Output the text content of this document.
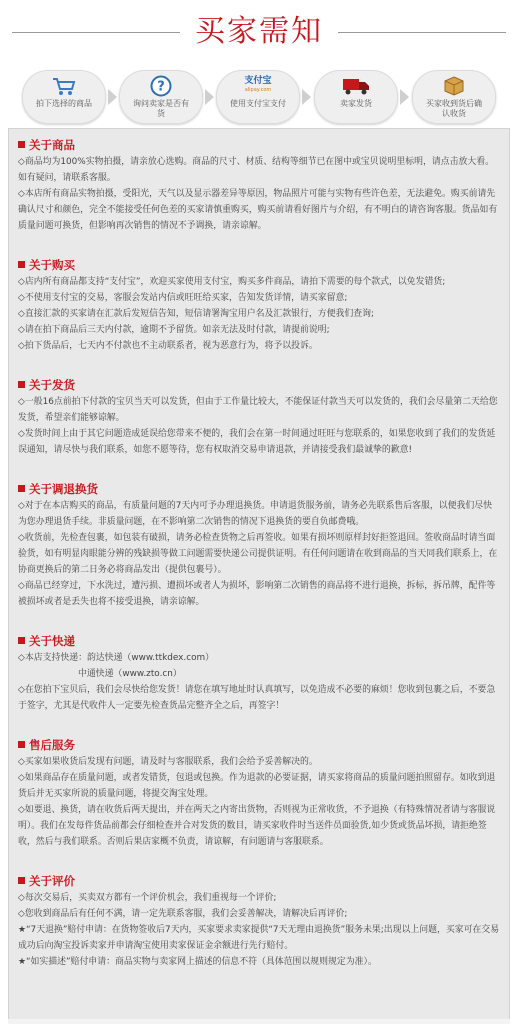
买家需知
拍下选择的商品
?
询问卖家是否有货
支付宝
alipay.com
使用支付宝支付	卖家发货	买家收到货后确认收货
关于商品
◇商品均为100%实物拍摄，请亲放心选购。商品的尺寸、材质、结构等细节已在图中或宝贝说明里标明，请点击放大看。如有疑问，请联系客服。
◇本店所有商品实物拍摄，受阳光，天气以及显示器差异等原因，物品照片可能与实物有些许色差，无法避免。购买前请先确认尺寸和颜色，完全不能接受任何色差的买家请慎重购买，购买前请看好图片与介绍，有不明白的请咨询客服。货品如有质量问题可换货，但影响再次销售的情况不予调换，请亲谅解。
关于购买
◇店内所有商品都支持“支付宝”，欢迎买家使用支付宝，购买多件商品，请拍下需要的每个款式，以免发错货;
◇不使用支付宝的交易，客服会发站内信或旺旺给买家，告知发货详情，请买家留意;
◇直接汇款的买家请在汇款后发短信告知，短信请署淘宝用户名及汇款银行，方便我们查询;
◇请在拍下商品后三天内付款，逾期不予留货。如亲无法及时付款，请提前说明;
◇拍下货品后，七天内不付款也不主动联系者，视为恶意行为，将予以投诉。
关于发货
◇一般16点前拍下付款的宝贝当天可以发货，但由于工作量比较大，不能保证付款当天可以发货的，我们会尽量第二天给您发货，希望亲们能够谅解。
◇发货时间上由于其它问题造成延误给您带来不便的，我们会在第一时间通过旺旺与您联系的，如果您收到了我们的发货延误通知，请尽快与我们联系，如您不愿等待，您有权取消交易申请退款，并请接受我们最诚挚的歉意!
关于调退换货
◇对于在本店购买的商品，有质量问题的7天内可予办理退换货。申请退货服务前，请务必先联系售后客服，以便我们尽快为您办理退货手续。非质量问题，在不影响第二次销售的情况下退换货的要自负邮费哦。
◇收货前，先检查包裹，如包装有破损，请务必检查货物之后再签收。如果有损坏则原样封好拒签退回。签收商品时请当面验货，如有明显肉眼能分辨的残缺损等做工问题需要快递公司提供证明。有任何问题请在收到商品的当天同我们联系上，在协商更换后的第二日务必将商品发出（提供包裹号）。
◇商品已经穿过，下水洗过，遭污损、遭损坏或者人为损坏，影响第二次销售的商品将不进行退换，拆标，拆吊牌，配件等被损坏或者是丢失也将不接受退换，请亲谅解。
关于快递
◇本店支持快递：韵达快递（www.ttkdex.com）
中通快递（www.zto.cn）
◇在您拍下宝贝后，我们会尽快给您发货！请您在填写地址时认真填写，以免造成不必要的麻烦！您收到包裹之后，不要急于签字，尤其是代收件人一定要先检查货品完整齐全之后，再签字！
售后服务
◇买家如果收货后发现有问题，请及时与客服联系，我们会给予妥善解决的。
◇如果商品存在质量问题，或者发错货，包退或包换。作为退款的必要证据，请买家将商品的质量问题拍照留存。如收到退货后并无买家所说的质量问题，将提交淘宝处理。
◇如要退、换货，请在收货后两天提出，并在两天之内寄出货物，否则视为正常收货，不予退换（有特殊情况者请与客服说明）。我们在发每件货品前都会仔细检查并合对发货的数目，请买家收件时当送件员面验货,如少货或货品坏损，请拒绝签收，然后与我们联系。否则后果店家概不负责，请谅解，有问题请与客服联系。
关于评价
◇每次交易后，买卖双方都有一个评价机会，我们重视每一个评价;
◇您收到商品后有任何不满，请一定先联系客服，我们会妥善解决，请解决后再评价;
★“7天退换”赔付申请：在货物签收后7天内，买家要求卖家提供“7天无理由退换货”服务未果;出现以上问题，买家可在交易成功后向淘宝投诉卖家并申请淘宝使用卖家保证金余额进行先行赔付。
★“如实描述”赔付申请：商品实物与卖家网上描述的信息不符（具体范围以规则规定为准）。
